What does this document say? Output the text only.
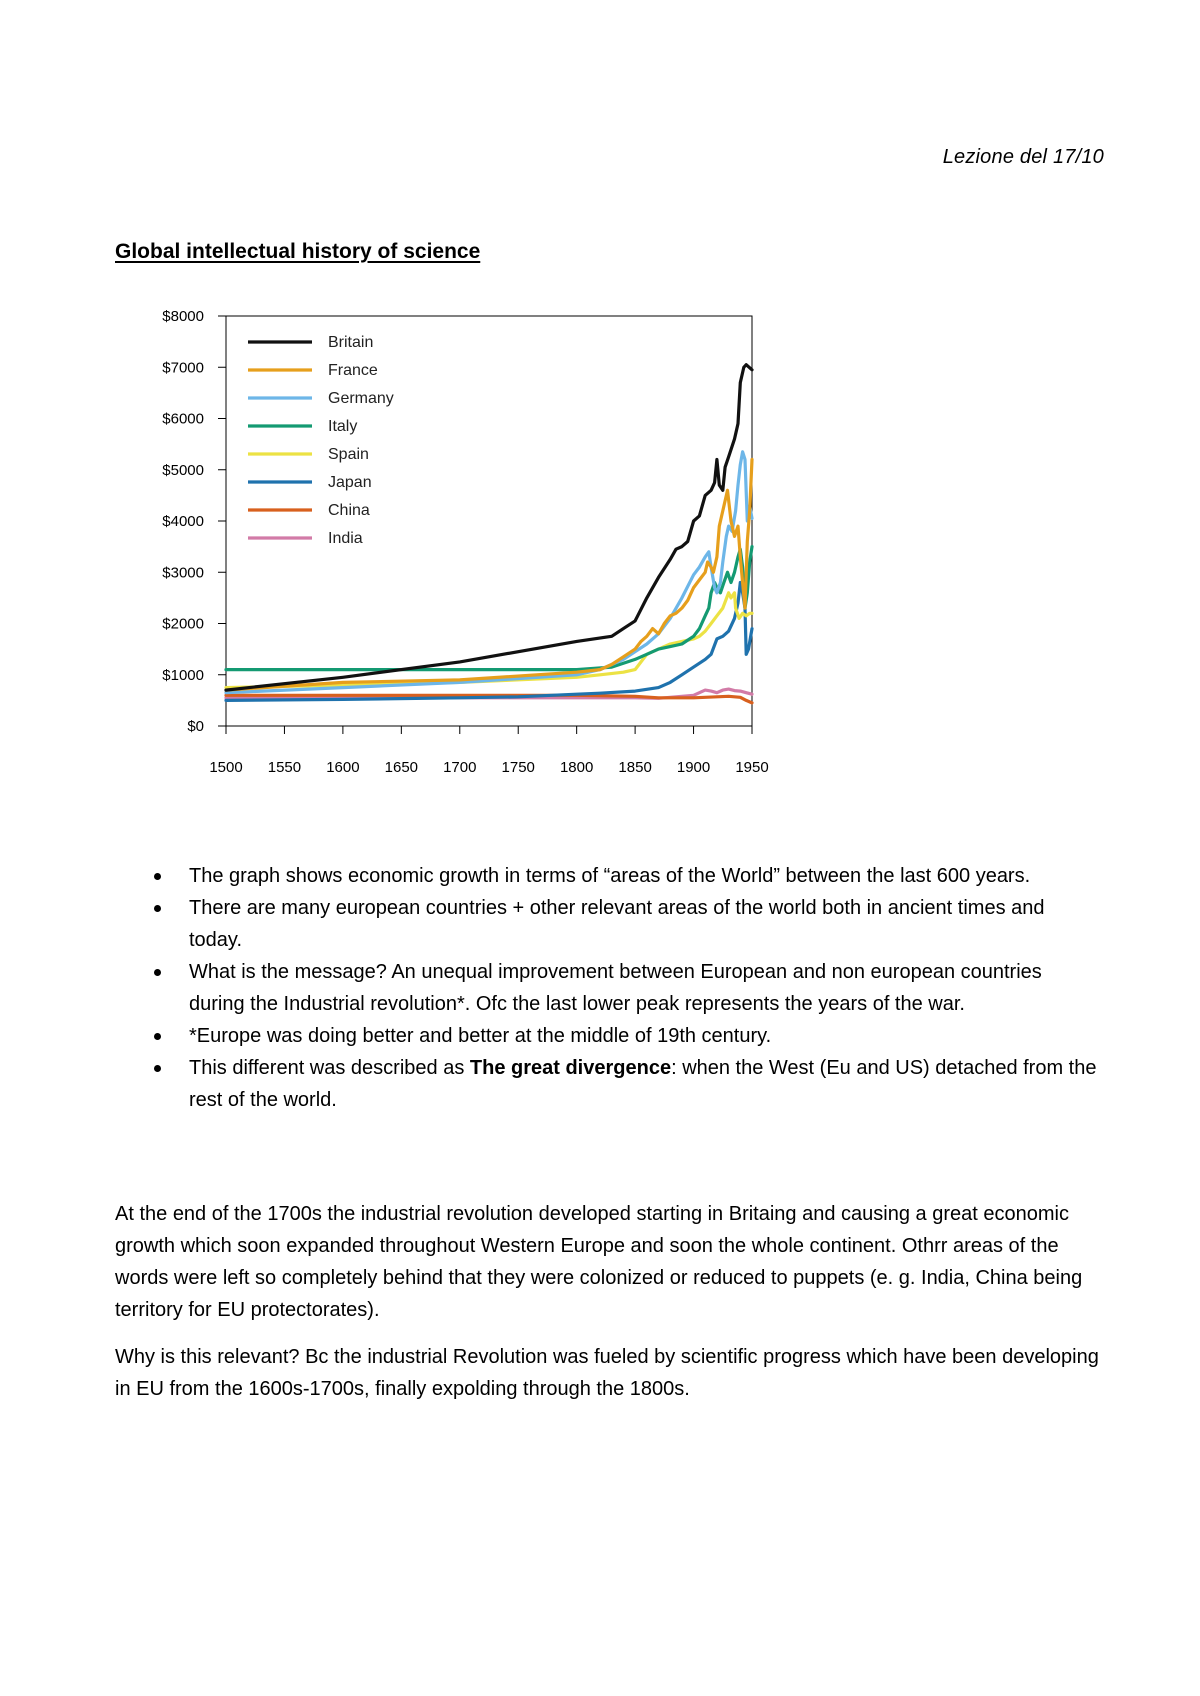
Lezione del 17/10
Global intellectual history of science
$0
$1000
$2000
$3000
$4000
$5000
$6000
$7000
$8000
1500 1550 1600 1650 1700 1750 1800 1850 1900 1950
Britain
France
Germany
Italy
Spain
Japan
China
India
The graph shows economic growth in terms of “areas of the World” between the last 600 years.
There are many european countries + other relevant areas of the world both in ancient times and today.
What is the message? An unequal improvement between European and non european countries during the Industrial revolution*. Ofc the last lower peak represents the years of the war.
*Europe was doing better and better at the middle of 19th century.
This different was described as The great divergence: when the West (Eu and US) detached from the rest of the world.

At the end of the 1700s the industrial revolution developed starting in Britaing and causing a great economic growth which soon expanded throughout Western Europe and soon the whole continent. Othrr areas of the words were left so completely behind that they were colonized or reduced to puppets (e. g. India, China being territory for EU protectorates).

Why is this relevant? Bc the industrial Revolution was fueled by scientific progress which have been developing in EU from the 1600s-1700s, finally expolding through the 1800s.
